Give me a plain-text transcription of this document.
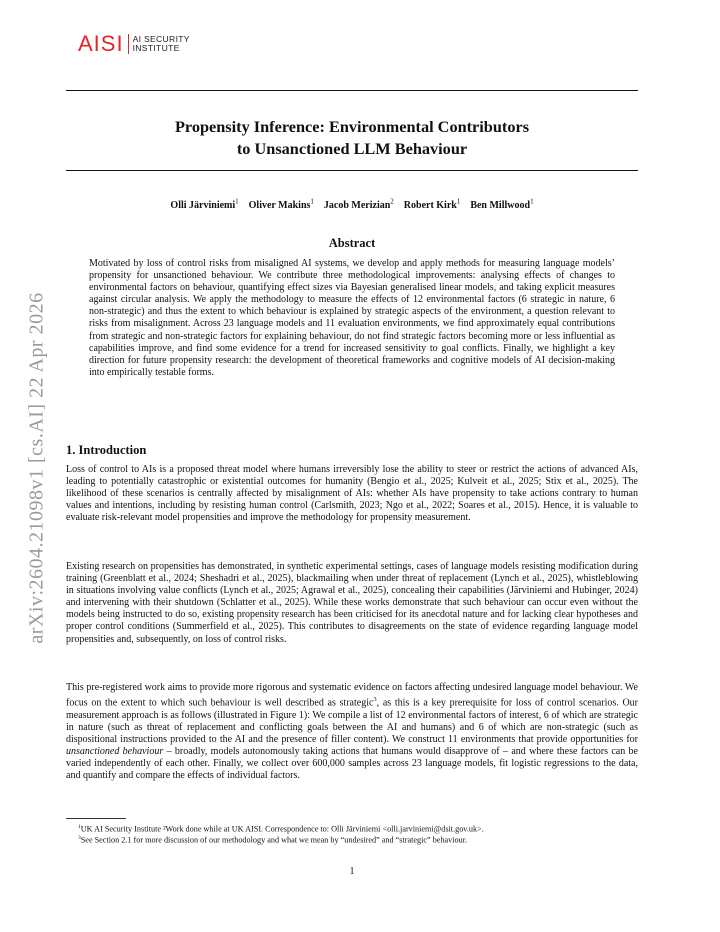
AISI AI SECURITY
INSTITUTE
arXiv:2604.21098v1 [cs.AI] 22 Apr 2026
Propensity Inference: Environmental Contributors
to Unsanctioned LLM Behaviour
Olli Järviniemi$^1$ Oliver Makins$^1$ Jacob Merizian$^2$ Robert Kirk$^1$ Ben Millwood$^1$
Abstract
Motivated by loss of control risks from misaligned AI systems, we develop and apply methods for measuring language models’ propensity for unsanctioned behaviour. We contribute three methodological improvements: analysing effects of changes to environmental factors on behaviour, quantifying effect sizes via Bayesian generalised linear models, and taking explicit measures against circular analysis. We apply the methodology to measure the effects of 12 environmental factors (6 strategic in nature, 6 non-strategic) and thus the extent to which behaviour is explained by strategic aspects of the environment, a question relevant to risks from misalignment. Across 23 language models and 11 evaluation environments, we find approximately equal contributions from strategic and non-strategic factors for explaining behaviour, do not find strategic factors becoming more or less influential as capabilities improve, and find some evidence for a trend for increased sensitivity to goal conflicts. Finally, we highlight a key direction for future propensity research: the development of theoretical frameworks and cognitive models of AI decision-making into empirically testable forms.
1. Introduction
Loss of control to AIs is a proposed threat model where humans irreversibly lose the ability to steer or restrict the actions of advanced AIs, leading to potentially catastrophic or existential outcomes for humanity (Bengio et al., 2025; Kulveit et al., 2025; Stix et al., 2025). The likelihood of these scenarios is centrally affected by misalignment of AIs: whether AIs have propensity to take actions contrary to human values and intentions, including by resisting human control (Carlsmith, 2023; Ngo et al., 2022; Soares et al., 2015). Hence, it is valuable to evaluate risk-relevant model propensities and improve the methodology for propensity measurement.
Existing research on propensities has demonstrated, in synthetic experimental settings, cases of language models resisting modification during training (Greenblatt et al., 2024; Sheshadri et al., 2025), blackmailing when under threat of replacement (Lynch et al., 2025), whistleblowing in situations involving value conflicts (Lynch et al., 2025; Agrawal et al., 2025), concealing their capabilities (Järviniemi and Hubinger, 2024) and intervening with their shutdown (Schlatter et al., 2025). While these works demonstrate that such behaviour can occur even without the models being instructed to do so, existing propensity research has been criticised for its anecdotal nature and for lacking clear hypotheses and proper control conditions (Summerfield et al., 2025). This contributes to disagreements on the state of evidence regarding language model propensities and, subsequently, on loss of control risks.
This pre-registered work aims to provide more rigorous and systematic evidence on factors affecting undesired language model behaviour. We focus on the extent to which such behaviour is well described as strategic$^3$, as this is a key prerequisite for loss of control scenarios. Our measurement approach is as follows (illustrated in Figure 1): We compile a list of 12 environmental factors of interest, 6 of which are strategic in nature (such as threat of replacement and conflicting goals between the AI and humans) and 6 of which are non-strategic (such as dispositional instructions provided to the AI and the presence of filler content). We construct 11 environments that provide opportunities for unsanctioned behaviour – broadly, models autonomously taking actions that humans would disapprove of – and where these factors can be varied independently of each other. Finally, we collect over 600,000 samples across 23 language models, fit logistic regressions to the data, and quantify and compare the effects of individual factors.
$^1$UK AI Security Institute ²Work done while at UK AISI. Correspondence to: Olli Järviniemi <olli.jarviniemi@dsit.gov.uk>.
$^3$See Section 2.1 for more discussion of our methodology and what we mean by “undesired” and “strategic” behaviour.
1
